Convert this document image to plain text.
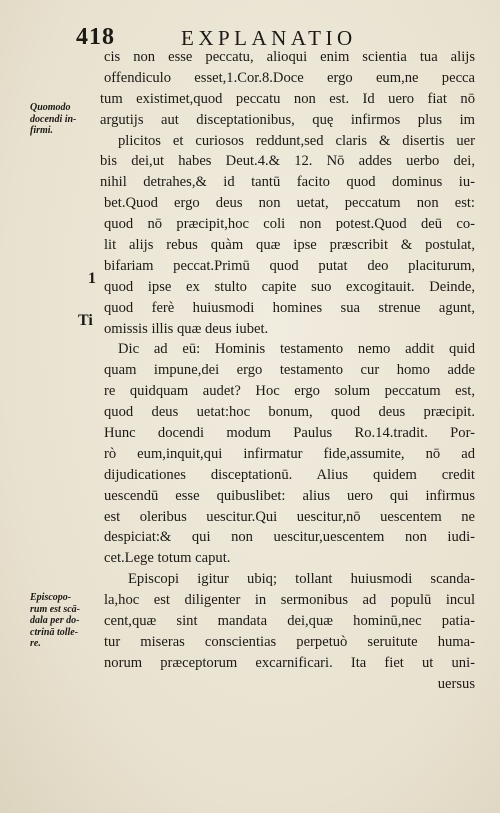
418	EXPLANATIO
Quomodo
docendi in-
firmi.
1
Ti
Episcopo-
rum est scā-
dala per do-
ctrinā tolle-
re.
cis non esse peccatu, alioqui enim scientia tua alijs
offendiculo esset,1.Cor.8.Doce ergo eum,ne pecca
tum existimet,quod peccatu non est. Id uero fiat nō
argutijs aut disceptationibus, quę infirmos plus im
plicitos et curiosos reddunt,sed claris & disertis uer
bis dei,ut habes Deut.4.& 12. Nō addes uerbo dei,
nihil detrahes,& id tantū facito quod dominus iu-
bet.Quod ergo deus non uetat, peccatum non est:
quod nō præcipit,hoc coli non potest.Quod deū co-
lit alijs rebus quàm quæ ipse præscribit & postulat,
bifariam peccat.Primū quod putat deo placiturum,
quod ipse ex stulto capite suo excogitauit. Deinde,
quod ferè huiusmodi homines sua strenue agunt,
omissis illis quæ deus iubet.
Dic ad eū: Hominis testamento nemo addit quid
quam impune,dei ergo testamento cur homo adde
re quidquam audet? Hoc ergo solum peccatum est,
quod deus uetat:hoc bonum, quod deus præcipit.
Hunc docendi modum Paulus Ro.14.tradit. Por-
rò eum,inquit,qui infirmatur fide,assumite, nō ad
dijudicationes disceptationū. Alius quidem credit
uescendū esse quibuslibet: alius uero qui infirmus
est oleribus uescitur.Qui uescitur,nō uescentem ne
despiciat:& qui non uescitur,uescentem non iudi-
cet.Lege totum caput.
Episcopi igitur ubiq; tollant huiusmodi scanda-
la,hoc est diligenter in sermonibus ad populū incul
cent,quæ sint mandata dei,quæ hominū,nec patia-
tur miseras conscientias perpetuò seruitute huma-
norum præceptorum excarnificari. Ita fiet ut uni-
uersus
